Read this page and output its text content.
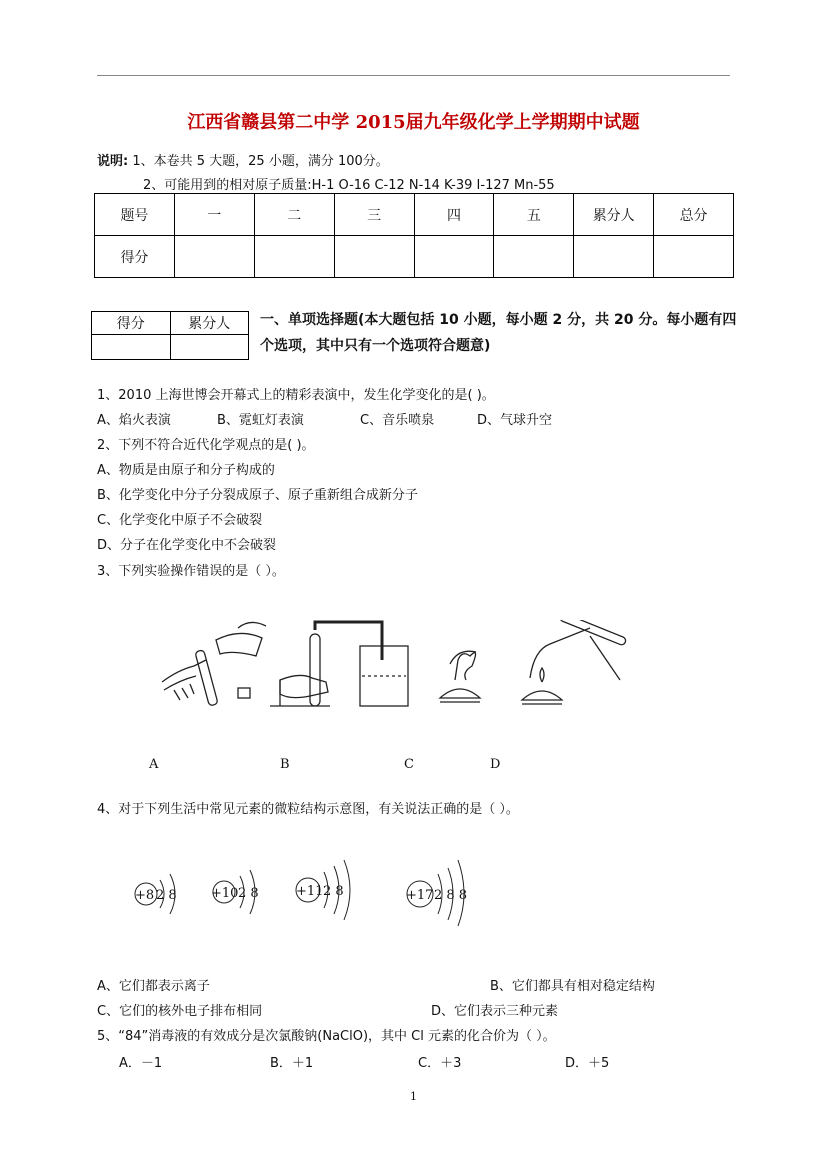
江西省赣县第二中学 2015届九年级化学上学期期中试题
说明: 1、本卷共 5 大题，25 小题，满分 100分。
2、可能用到的相对原子质量:H-1 O-16 C-12 N-14 K-39 I-127 Mn-55
题号	一	二	三	四	五	累分人	总分
得分							
得分	累分人
	一、单项选择题(本大题包括 10 小题，每小题 2 分，共 20 分。每小题有四个选项，其中只有一个选项符合题意)
1、2010 上海世博会开幕式上的精彩表演中，发生化学变化的是( )。
A、焰火表演	B、霓虹灯表演	C、音乐喷泉	D、气球升空
2、下列不符合近代化学观点的是( )。
A、物质是由原子和分子构成的
B、化学变化中分子分裂成原子、原子重新组合成新分子
C、化学变化中原子不会破裂
D、分子在化学变化中不会破裂
3、下列实验操作错误的是（ ）。
A	B	C	D
4、对于下列生活中常见元素的微粒结构示意图，有关说法正确的是（ ）。
+8 2 8	+10 2 8	+11 2 8	+17 2 8 8
A、它们都表示离子	B、它们都具有相对稳定结构
C、它们的核外电子排布相同	D、它们表示三种元素
5、“84”消毒液的有效成分是次氯酸钠(NaClO)，其中 Cl 元素的化合价为（ ）。
A．－1	B．＋1	C．＋3	D．＋5
1
